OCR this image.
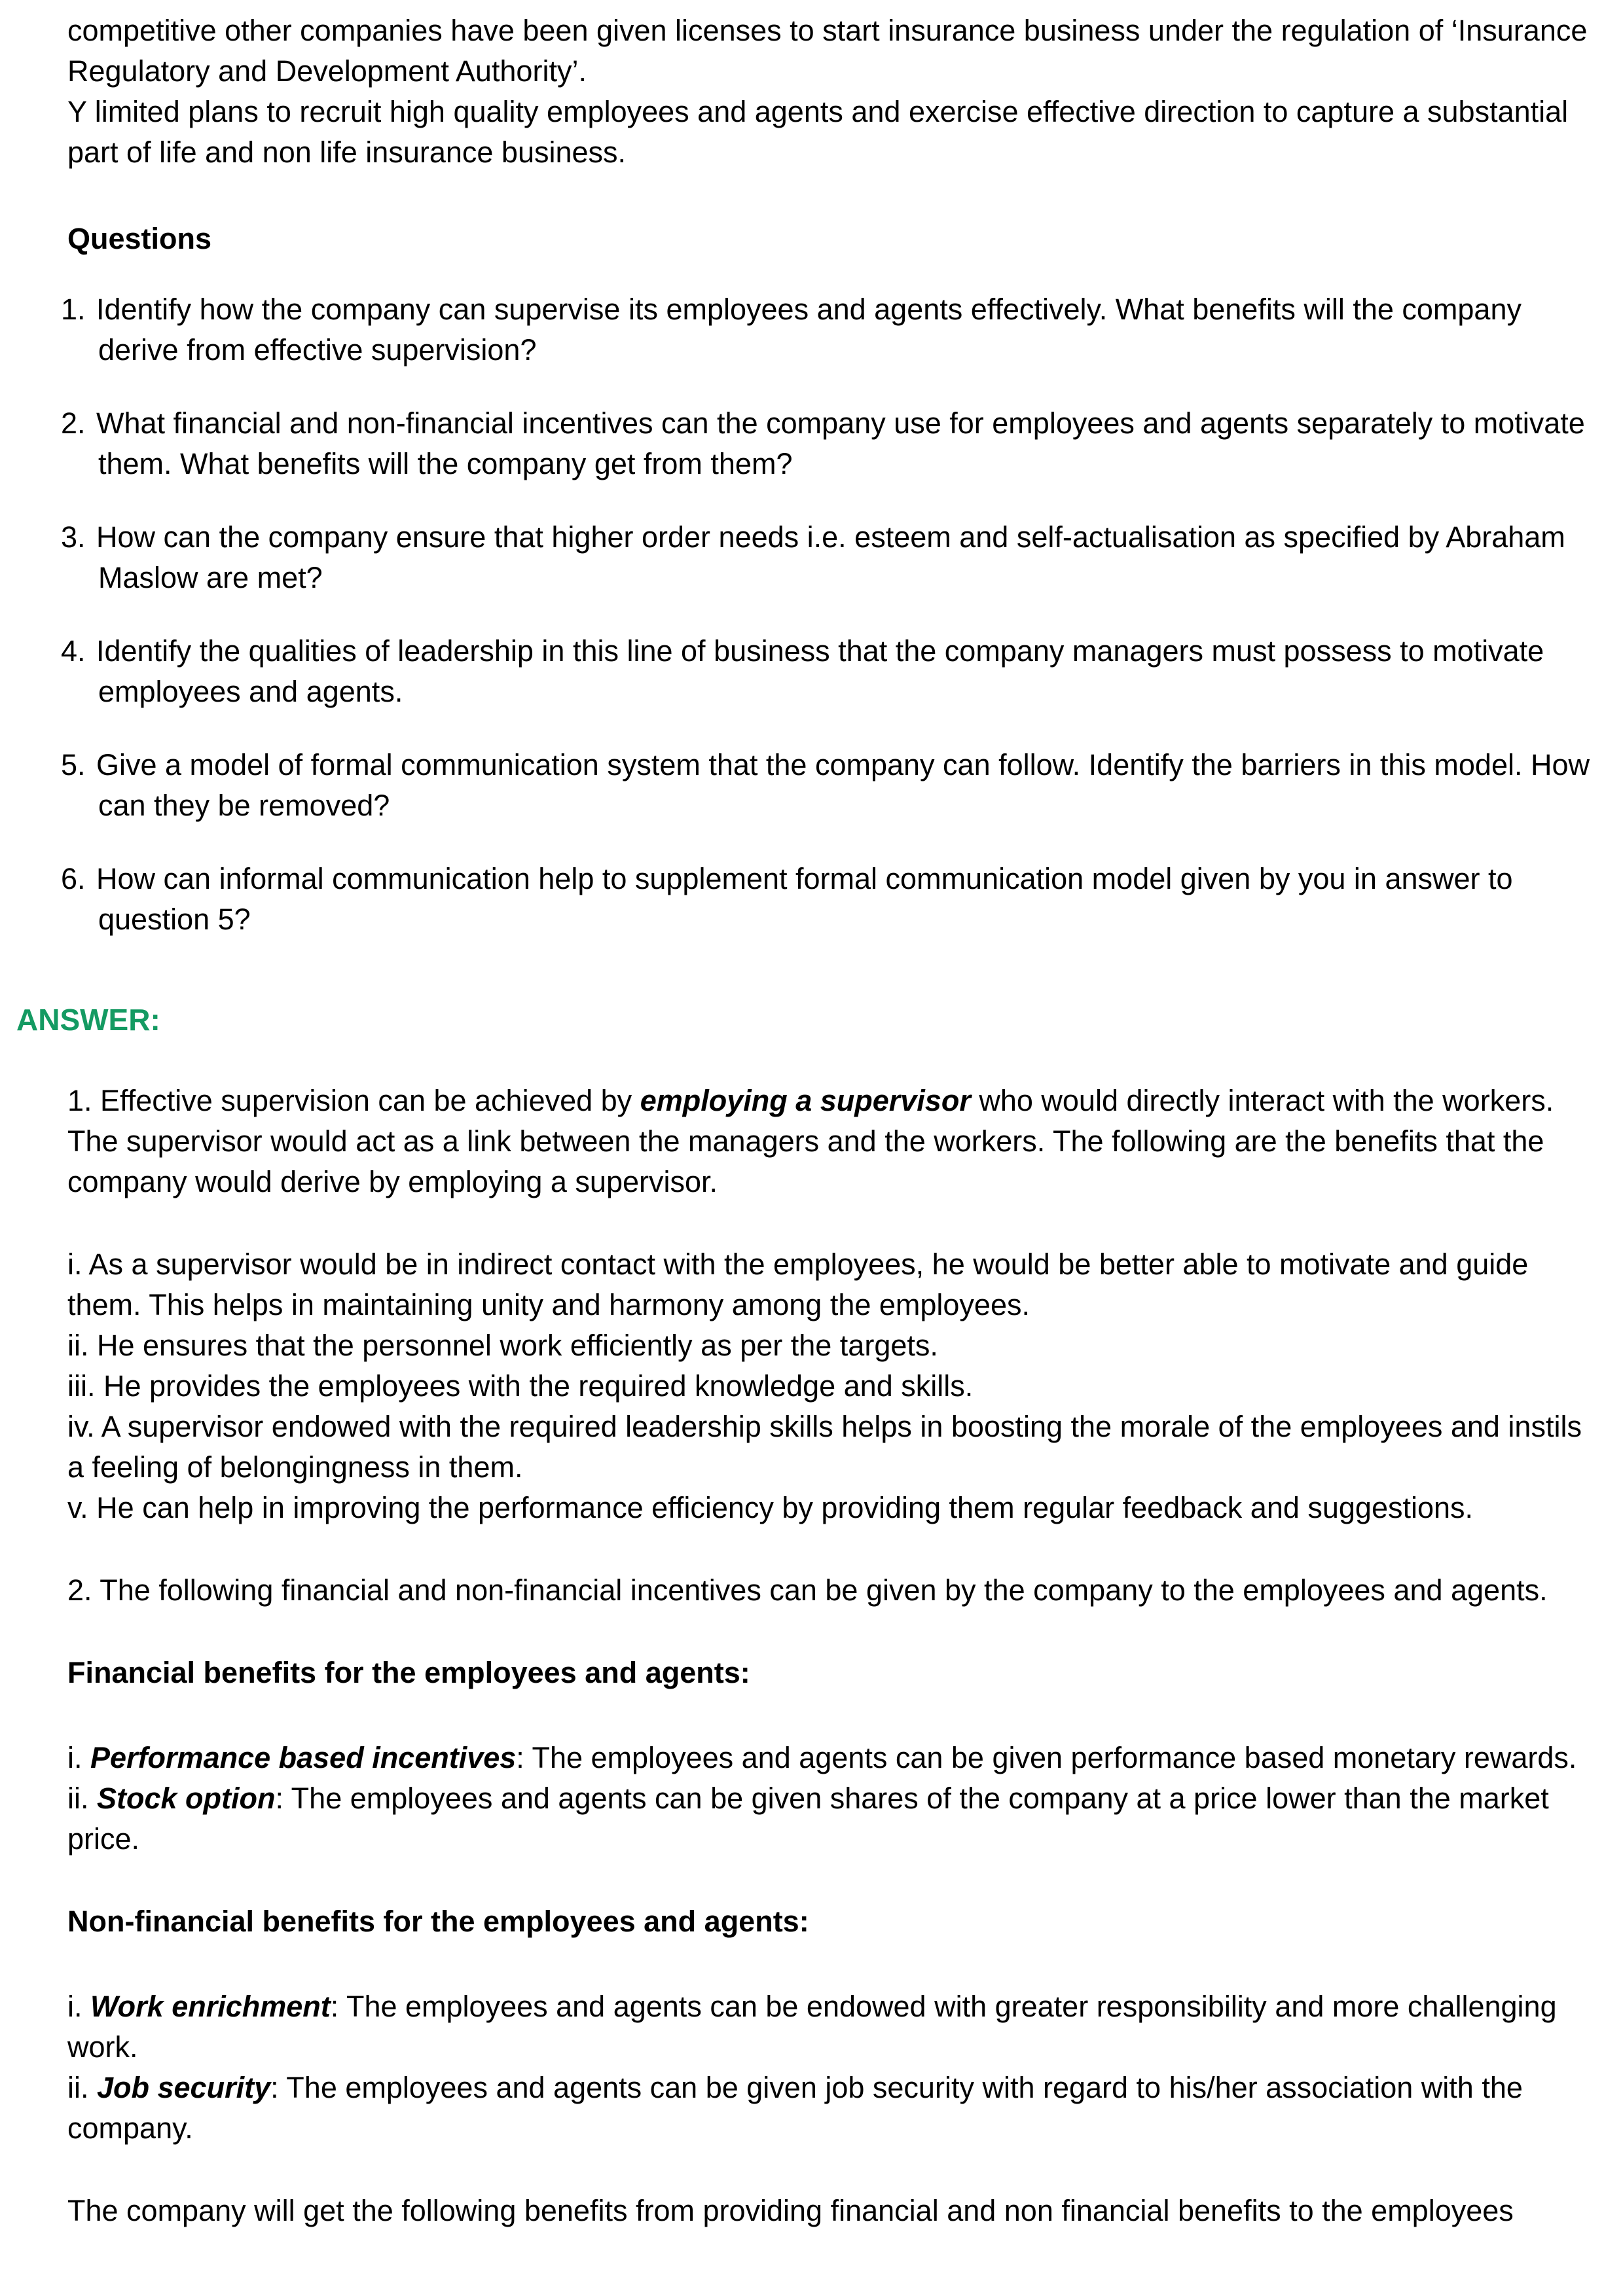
competitive other companies have been given licenses to start insurance business under the regulation of ‘Insurance Regulatory and Development Authority’.

Y limited plans to recruit high quality employees and agents and exercise effective direction to capture a substantial part of life and non life insurance business.

Questions
1. Identify how the company can supervise its employees and agents effectively. What benefits will the company derive from effective supervision?
2. What financial and non-financial incentives can the company use for employees and agents separately to motivate them. What benefits will the company get from them?
3. How can the company ensure that higher order needs i.e. esteem and self-actualisation as specified by Abraham Maslow are met?
4. Identify the qualities of leadership in this line of business that the company managers must possess to motivate employees and agents.
5. Give a model of formal communication system that the company can follow. Identify the barriers in this model. How can they be removed?
6. How can informal communication help to supplement formal communication model given by you in answer to question 5?
ANSWER:

1. Effective supervision can be achieved by employing a supervisor who would directly interact with the workers. The supervisor would act as a link between the managers and the workers. The following are the benefits that the company would derive by employing a supervisor.

i. As a supervisor would be in indirect contact with the employees, he would be better able to motivate and guide them. This helps in maintaining unity and harmony among the employees.

ii. He ensures that the personnel work efficiently as per the targets.

iii. He provides the employees with the required knowledge and skills.

iv. A supervisor endowed with the required leadership skills helps in boosting the morale of the employees and instils a feeling of belongingness in them.

v. He can help in improving the performance efficiency by providing them regular feedback and suggestions.

2. The following financial and non-financial incentives can be given by the company to the employees and agents.

Financial benefits for the employees and agents:

i. Performance based incentives: The employees and agents can be given performance based monetary rewards.

ii. Stock option: The employees and agents can be given shares of the company at a price lower than the market price.

Non-financial benefits for the employees and agents:

i. Work enrichment: The employees and agents can be endowed with greater responsibility and more challenging work.

ii. Job security: The employees and agents can be given job security with regard to his/her association with the company.

The company will get the following benefits from providing financial and non financial benefits to the employees
